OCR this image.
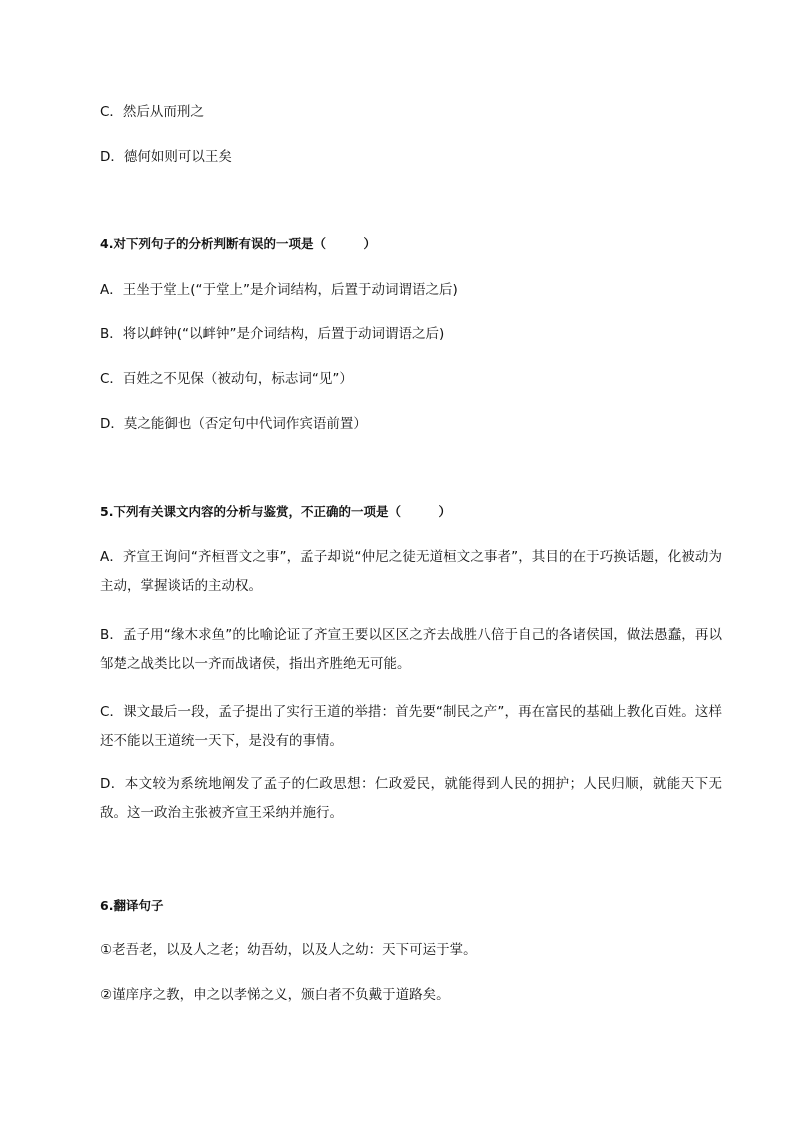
C．然后从而刑之
D．德何如则可以王矣
4.对下列句子的分析判断有误的一项是（　　　）
A．王坐于堂上(“于堂上”是介词结构，后置于动词谓语之后)
B．将以衅钟(“以衅钟”是介词结构，后置于动词谓语之后)
C．百姓之不见保（被动句，标志词“见”）
D．莫之能御也（否定句中代词作宾语前置）
5.下列有关课文内容的分析与鉴赏，不正确的一项是（　　　）
A．齐宣王询问“齐桓晋文之事”，孟子却说“仲尼之徒无道桓文之事者”，其目的在于巧换话题，化被动为主动，掌握谈话的主动权。
B．孟子用“缘木求鱼”的比喻论证了齐宣王要以区区之齐去战胜八倍于自己的各诸侯国，做法愚蠢，再以邹楚之战类比以一齐而战诸侯，指出齐胜绝无可能。
C．课文最后一段，孟子提出了实行王道的举措：首先要“制民之产”，再在富民的基础上教化百姓。这样还不能以王道统一天下，是没有的事情。
D．本文较为系统地阐发了孟子的仁政思想：仁政爱民，就能得到人民的拥护；人民归顺，就能天下无敌。这一政治主张被齐宣王采纳并施行。
6.翻译句子
①老吾老，以及人之老；幼吾幼，以及人之幼：天下可运于掌。
②谨庠序之教，申之以孝悌之义，颁白者不负戴于道路矣。
